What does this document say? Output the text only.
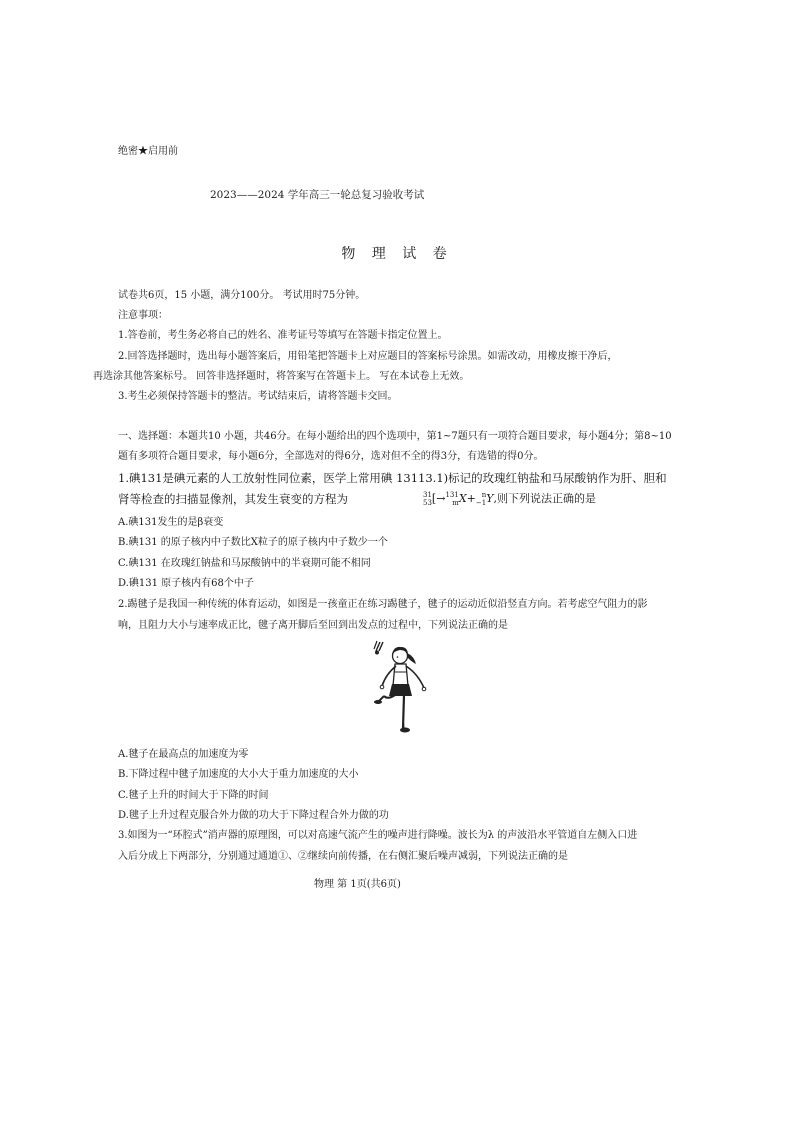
绝密★启用前
2023——2024 学年高三一轮总复习验收考试
物 理 试 卷
试卷共6页，15 小题，满分100分。 考试用时75分钟。
注意事项：
1.答卷前，考生务必将自己的姓名、准考证号等填写在答题卡指定位置上。
2.回答选择题时，选出每小题答案后，用铅笔把答题卡上对应题目的答案标号涂黑。如需改动，用橡皮擦干净后，
再选涂其他答案标号。 回答非选择题时，将答案写在答题卡上。 写在本试卷上无效。
3.考生必须保持答题卡的整洁。考试结束后，请将答题卡交回。
一、选择题：本题共10 小题，共46分。在每小题给出的四个选项中，第1~7题只有一项符合题目要求，每小题4分；第8~10
题有多项符合题目要求，每小题6分，全部选对的得6分，选对但不全的得3分，有选错的得0分。
1.碘131是碘元素的人工放射性同位素，医学上常用碘 13113.1)标记的玫瑰红钠盐和马尿酸钠作为肝、胆和
肾等检查的扫描显像剂，其发生衰变的方程为	31
53 [→ 131
m X+ n
−1 Y,则下列说法正确的是
A.碘131发生的是β衰变
B.碘131 的原子核内中子数比X粒子的原子核内中子数少一个
C.碘131 在玫瑰红钠盐和马尿酸钠中的半衰期可能不相同
D.碘131 原子核内有68个中子
2.踢毽子是我国一种传统的体育运动，如图是一孩童正在练习踢毽子，毽子的运动近似沿竖直方向。若考虑空气阻力的影
响，且阻力大小与速率成正比，毽子离开脚后至回到出发点的过程中，下列说法正确的是
A.毽子在最高点的加速度为零
B.下降过程中毽子加速度的大小大于重力加速度的大小
C.毽子上升的时间大于下降的时间
D.毽子上升过程克服合外力做的功大于下降过程合外力做的功
3.如图为一“环腔式”消声器的原理图，可以对高速气流产生的噪声进行降噪。波长为λ 的声波沿水平管道自左侧入口进
入后分成上下两部分，分别通过通道①、②继续向前传播，在右侧汇聚后噪声减弱，下列说法正确的是
物理 第 1页(共6页)
